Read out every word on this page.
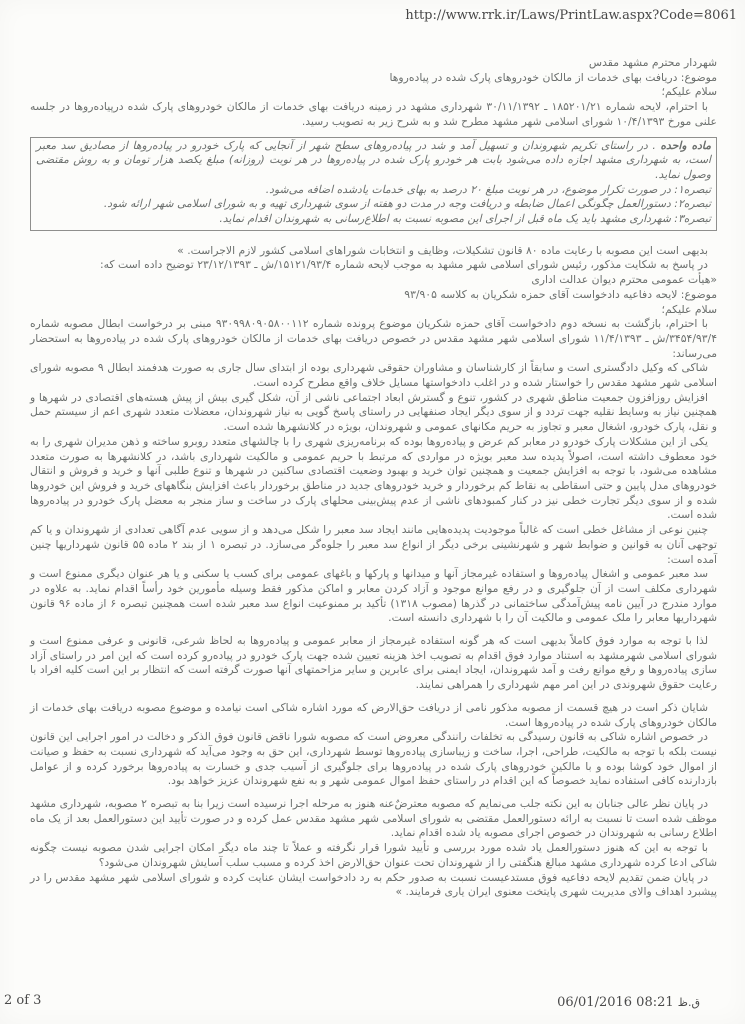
http://www.rrk.ir/Laws/PrintLaw.aspx?Code=8061

شهردار محترم مشهد مقدس

موضوع: دریافت بهای خدمات از مالکان خودروهای پارک شده در پیاده‌روها

سلام علیکم؛

با احترام، لایحه شماره ۱۸۵۲۰۱/۲۱ ـ ۳۰/۱۱/۱۳۹۲ شهرداری مشهد در زمینه دریافت بهای خدمات از مالکان خودروهای پارک شده درپیاده‌روها در جلسه علنی مورخ ۱۰/۴/۱۳۹۳ شورای اسلامی شهر مشهد مطرح شد و به شرح زیر به تصویب رسید.

ماده واحده . در راستای تکریم شهروندان و تسهیل آمد و شد در پیاده‌روهای سطح شهر از آنجایی که پارک خودرو در پیاده‌روها از مصادیق سد معبر است، به شهرداری مشهد اجازه داده می‌شود بابت هر خودرو پارک شده در پیاده‌روها در هر نوبت (روزانه) مبلغ یکصد هزار تومان و به روش مقتضی وصول نماید.

تبصره۱: در صورت تکرار موضوع، در هر نوبت مبلغ ۲۰ درصد به بهای خدمات یادشده اضافه می‌شود.

تبصره۲: دستورالعمل چگونگی اعمال ضابطه و دریافت وجه در مدت دو هفته از سوی شهرداری تهیه و به شورای اسلامی شهر ارائه شود.

تبصره۳: شهرداری مشهد باید یک ماه قبل از اجرای این مصوبه نسبت به اطلاع‌رسانی به شهروندان اقدام نماید.

بدیهی است این مصوبه با رعایت ماده ۸۰ قانون تشکیلات، وظایف و انتخابات شوراهای اسلامی کشور لازم الاجراست. »

در پاسخ به شکایت مذکور، رئیس شورای اسلامی شهر مشهد به موجب لایحه شماره ۱۵۱۲۱/۹۳/۴/ش ـ ۲۳/۱۲/۱۳۹۳ توضیح داده است که:

«هیأت عمومی محترم دیوان عدالت اداری

موضوع: لایحه دفاعیه دادخواست آقای حمزه شکریان به کلاسه ۹۳/۹۰۵

سلام علیکم؛

با احترام، بازگشت به نسخه دوم دادخواست آقای حمزه شکریان موضوع پرونده شماره ۹۳۰۹۹۸۰۹۰۵۸۰۰۱۱۲ مبنی بر درخواست ابطال مصوبه شماره ۳۴۵۴/۹۳/۴/ش ـ ۱۱/۴/۱۳۹۳ شورای اسلامی شهر مشهد مقدس در خصوص دریافت بهای خدمات از مالکان خودروهای پارک شده در پیاده‌روها به استحضار می‌رساند:

شاکی که وکیل دادگستری است و سابقاً از کارشناسان و مشاوران حقوقی شهرداری بوده از ابتدای سال جاری به صورت هدفمند ابطال ۹ مصوبه شورای اسلامی شهر مشهد مقدس را خواستار شده و در اغلب دادخواستها مسایل خلاف واقع مطرح کرده است.

افزایش روزافزون جمعیت مناطق شهری در کشور، تنوع و گسترش ابعاد اجتماعی ناشی از آن، شکل گیری بیش از پیش هسته‌های اقتصادی در شهرها و همچنین نیاز به وسایط نقلیه جهت تردد و از سوی دیگر ایجاد صنفهایی در راستای پاسخ گویی به نیاز شهروندان، معضلات متعدد شهری اعم از سیستم حمل و نقل، پارک خودرو، اشغال معبر و تجاوز به حریم مکانهای عمومی و شهروندان، بویژه در کلانشهرها شده است.

یکی از این مشکلات پارک خودرو در معابر کم عرض و پیاده‌روها بوده که برنامه‌ریزی شهری را با چالشهای متعدد روبرو ساخته و ذهن مدیران شهری را به خود معطوف داشته است، اصولاً پدیده سد معبر بویژه در مواردی که مرتبط با حریم عمومی و مالکیت شهرداری باشد، در کلانشهرها به صورت متعدد مشاهده می‌شود، با توجه به افزایش جمعیت و همچنین توان خرید و بهبود وضعیت اقتصادی ساکنین در شهرها و تنوع طلبی آنها و خرید و فروش و انتقال خودروهای مدل پایین و حتی اسقاطی به نقاط کم برخوردار و خرید خودروهای جدید در مناطق برخوردار باعث افزایش بنگاههای خرید و فروش این خودروها شده و از سوی دیگر تجارت خطی نیز در کنار کمبودهای ناشی از عدم پیش‌بینی محلهای پارک در ساخت و ساز منجر به معضل پارک خودرو در پیاده‌روها شده است.

چنین نوعی از مشاغل خطی است که غالباً موجودیت پدیده‌هایی مانند ایجاد سد معبر را شکل می‌دهد و از سویی عدم آگاهی تعدادی از شهروندان و یا کم توجهی آنان به قوانین و ضوابط شهر و شهرنشینی برخی دیگر از انواع سد معبر را جلوه‌گر می‌سازد. در تبصره ۱ از بند ۲ ماده ۵۵ قانون شهرداریها چنین آمده است:

سد معبر عمومی و اشغال پیاده‌روها و استفاده غیرمجاز آنها و میدانها و پارکها و باغهای عمومی برای کسب یا سکنی و یا هر عنوان دیگری ممنوع است و شهرداری مکلف است از آن جلوگیری و در رفع موانع موجود و آزاد کردن معابر و اماکن مذکور فقط وسیله مأمورین خود رأساً اقدام نماید. به علاوه در موارد مندرج در آیین نامه پیش‌آمدگی ساختمانی در گذرها (مصوب ۱۳۱۸) تأکید بر ممنوعیت انواع سد معبر شده است همچنین تبصره ۶ از ماده ۹۶ قانون شهرداریها معابر را ملک عمومی و مالکیت آن را با شهرداری دانسته است.

لذا با توجه به موارد فوق کاملاً بدیهی است که هر گونه استفاده غیرمجاز از معابر عمومی و پیاده‌روها به لحاظ شرعی، قانونی و عرفی ممنوع است و شورای اسلامی شهرمشهد به استناد موارد فوق اقدام به تصویب اخذ هزینه تعیین شده جهت پارک خودرو در پیاده‌رو کرده است که این امر در راستای آزاد سازی پیاده‌روها و رفع موانع رفت و آمد شهروندان، ایجاد ایمنی برای عابرین و سایر مزاحمتهای آنها صورت گرفته است که انتظار بر این است کلیه افراد با رعایت حقوق شهروندی در این امر مهم شهرداری را همراهی نمایند.

شایان ذکر است در هیچ قسمت از مصوبه مذکور نامی از دریافت حق‌الارض که مورد اشاره شاکی است نیامده و موضوع مصوبه دریافت بهای خدمات از مالکان خودروهای پارک شده در پیاده‌روها است.

در خصوص اشاره شاکی به قانون رسیدگی به تخلفات رانندگی معروض است که مصوبه شورا ناقض قانون فوق الذکر و دخالت در امور اجرایی این قانون نیست بلکه با توجه به مالکیت، طراحی، اجرا، ساخت و زیباسازی پیاده‌روها توسط شهرداری، این حق به وجود می‌آید که شهرداری نسبت به حفظ و صیانت از اموال خود کوشا بوده و با مالکین خودروهای پارک شده در پیاده‌روها برای جلوگیری از آسیب جدی و خسارت به پیاده‌روها برخورد کرده و از عوامل بازدارنده کافی استفاده نماید خصوصاً که این اقدام در راستای حفظ اموال عمومی شهر و به نفع شهروندان عزیز خواهد بود.

در پایان نظر عالی جنابان به این نکته جلب می‌نمایم که مصوبه معترضٌ‌عنه هنوز به مرحله اجرا نرسیده است زیرا بنا به تبصره ۲ مصوبه، شهرداری مشهد موظف شده است تا نسبت به ارائه دستورالعمل مقتضی به شورای اسلامی شهر مشهد مقدس عمل کرده و در صورت تأیید این دستورالعمل بعد از یک ماه اطلاع رسانی به شهروندان در خصوص اجرای مصوبه یاد شده اقدام نماید.

با توجه به این که هنوز دستورالعمل یاد شده مورد بررسی و تأیید شورا قرار نگرفته و عملاً تا چند ماه دیگر امکان اجرایی شدن مصوبه نیست چگونه شاکی ادعا کرده شهرداری مشهد مبالغ هنگفتی را از شهروندان تحت عنوان حق‌الارض اخذ کرده و مسبب سلب آسایش شهروندان می‌شود؟

در پایان ضمن تقدیم لایحه دفاعیه فوق مستدعیست نسبت به صدور حکم به رد دادخواست ایشان عنایت کرده و شورای اسلامی شهر مشهد مقدس را در پیشبرد اهداف والای مدیریت شهری پایتخت معنوی ایران یاری فرمایند. »

2 of 3	06/01/2016 08:21 ق.ظ
